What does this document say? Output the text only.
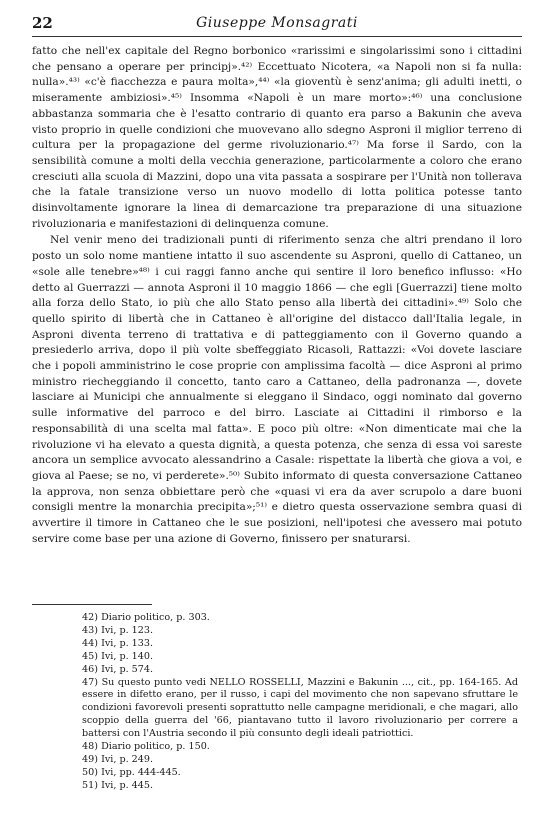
22	Giuseppe Monsagrati

fatto che nell'ex capitale del Regno borbonico «rarissimi e singolarissimi sono i cittadini che pensano a operare per principj».⁴²⁾ Eccettuato Nicotera, «a Napoli non si fa nulla: nulla».⁴³⁾ «c'è fiacchezza e paura molta»,⁴⁴⁾ «la gioventù è senz'anima; gli adulti inetti, o miseramente ambiziosi».⁴⁵⁾ Insomma «Napoli è un mare morto»:⁴⁶⁾ una conclusione abbastanza sommaria che è l'esatto contrario di quanto era parso a Bakunin che aveva visto proprio in quelle condizioni che muovevano allo sdegno Asproni il miglior terreno di cultura per la propagazione del germe rivoluzionario.⁴⁷⁾ Ma forse il Sardo, con la sensibilità comune a molti della vecchia generazione, particolarmente a coloro che erano cresciuti alla scuola di Mazzini, dopo una vita passata a sospirare per l'Unità non tollerava che la fatale transizione verso un nuovo modello di lotta politica potesse tanto disinvoltamente ignorare la linea di demarcazione tra preparazione di una situazione rivoluzionaria e manifestazioni di delinquenza comune.

Nel venir meno dei tradizionali punti di riferimento senza che altri prendano il loro posto un solo nome mantiene intatto il suo ascendente su Asproni, quello di Cattaneo, un «sole alle tenebre»⁴⁸⁾ i cui raggi fanno anche qui sentire il loro benefico influsso: «Ho detto al Guerrazzi — annota Asproni il 10 maggio 1866 — che egli [Guerrazzi] tiene molto alla forza dello Stato, io più che allo Stato penso alla libertà dei cittadini».⁴⁹⁾ Solo che quello spirito di libertà che in Cattaneo è all'origine del distacco dall'Italia legale, in Asproni diventa terreno di trattativa e di patteggiamento con il Governo quando a presiederlo arriva, dopo il più volte sbeffeggiato Ricasoli, Rattazzi: «Voi dovete lasciare che i popoli amministrino le cose proprie con amplissima facoltà — dice Asproni al primo ministro riecheggiando il concetto, tanto caro a Cattaneo, della padronanza —, dovete lasciare ai Municipi che annualmente si eleggano il Sindaco, oggi nominato dal governo sulle informative del parroco e del birro. Lasciate ai Cittadini il rimborso e la responsabilità di una scelta mal fatta». E poco più oltre: «Non dimenticate mai che la rivoluzione vi ha elevato a questa dignità, a questa potenza, che senza di essa voi sareste ancora un semplice avvocato alessandrino a Casale: rispettate la libertà che giova a voi, e giova al Paese; se no, vi perderete».⁵⁰⁾ Subito informato di questa conversazione Cattaneo la approva, non senza obbiettare però che «quasi vi era da aver scrupolo a dare buoni consigli mentre la monarchia precipita»;⁵¹⁾ e dietro questa osservazione sembra quasi di avvertire il timore in Cattaneo che le sue posizioni, nell'ipotesi che avessero mai potuto servire come base per una azione di Governo, finissero per snaturarsi.

42) Diario politico, p. 303.
43) Ivi, p. 123.
44) Ivi, p. 133.
45) Ivi, p. 140.
46) Ivi, p. 574.
47) Su questo punto vedi NELLO ROSSELLI, Mazzini e Bakunin ..., cit., pp. 164-165. Ad essere in difetto erano, per il russo, i capi del movimento che non sapevano sfruttare le condizioni favorevoli presenti soprattutto nelle campagne meridionali, e che magari, allo scoppio della guerra del '66, piantavano tutto il lavoro rivoluzionario per correre a battersi con l'Austria secondo il più consunto degli ideali patriottici.
48) Diario politico, p. 150.
49) Ivi, p. 249.
50) Ivi, pp. 444-445.
51) Ivi, p. 445.
